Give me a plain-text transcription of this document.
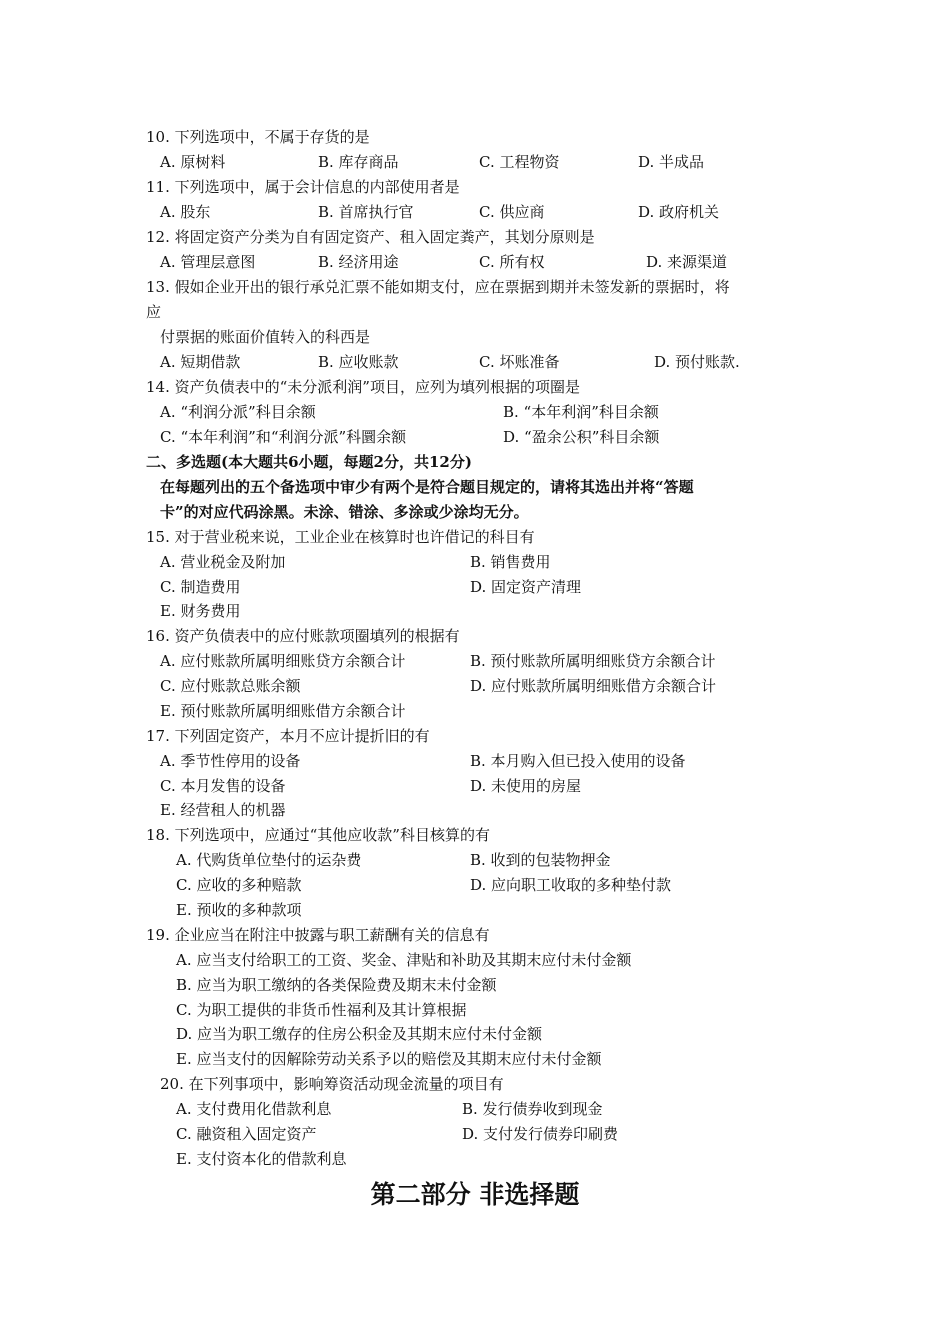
10. 下列选项中，不属于存货的是
A. 原树料	B. 库存商品	C. 工程物资	D. 半成品
11. 下列选项中，属于会计信息的内部使用者是
A. 股东	B. 首席执行官	C. 供应商	D. 政府机关
12. 将固定资产分类为自有固定资产、租入固定粪产，其划分原则是
A. 管理层意图	B. 经济用途	C. 所有权	D. 来源渠道
13. 假如企业开出的银行承兑汇票不能如期支付，应在票据到期并未签发新的票据时，将
应
付票据的账面价值转入的科西是
A. 短期借款	B. 应收账款	C. 坏账准备	D. 预付账款.
14. 资产负债表中的“未分派利润”项目，应列为填列根据的项圈是
A. “利润分派”科目余额	B. “本年利润”科目余额
C. “本年利润”和“利润分派”科圜余额	D. “盈余公积”科目余额
二、多选题(本大题共6小题，每题2分，共12分)
在每题列出的五个备选项中审少有两个是符合题目规定的，请将其选出并将“答题
卡”的对应代码涂黑。未涂、错涂、多涂或少涂均无分。
15. 对于营业税来说，工业企业在核算时也许借记的科目有
A. 营业税金及附加	B. 销售费用
C. 制造费用	D. 固定资产清理
E. 财务费用
16. 资产负债表中的应付账款项圈填列的根据有
A. 应付账款所属明细账贷方余额合计	B. 预付账款所属明细账贷方余额合计
C. 应付账款总账余额	D. 应付账款所属明细账借方余额合计
E. 预付账款所属明细账借方余额合计
17. 下列固定资产，本月不应计提折旧的有
A. 季节性停用的设备	B. 本月购入但已投入使用的设备
C. 本月发售的设备	D. 未使用的房屋
E. 经营租人的机器
18. 下列选项中，应通过“其他应收款”科目核算的有
A. 代购货单位垫付的运杂费	B. 收到的包装物押金
C. 应收的多种赔款	D. 应向职工收取的多种垫付款
E. 预收的多种款项
19. 企业应当在附注中披露与职工薪酬有关的信息有
A. 应当支付给职工的工资、奖金、津贴和补助及其期末应付未付金额
B. 应当为职工缴纳的各类保险费及期末未付金额
C. 为职工提供的非货币性福利及其计算根据
D. 应当为职工缴存的住房公积金及其期末应付未付金额
E. 应当支付的因解除劳动关系予以的赔偿及其期末应付未付金额
20. 在下列事项中，影响筹资活动现金流量的项目有
A. 支付费用化借款利息	B. 发行债券收到现金
C. 融资租入固定资产	D. 支付发行债券印刷费
E. 支付资本化的借款利息
第二部分 非选择题
